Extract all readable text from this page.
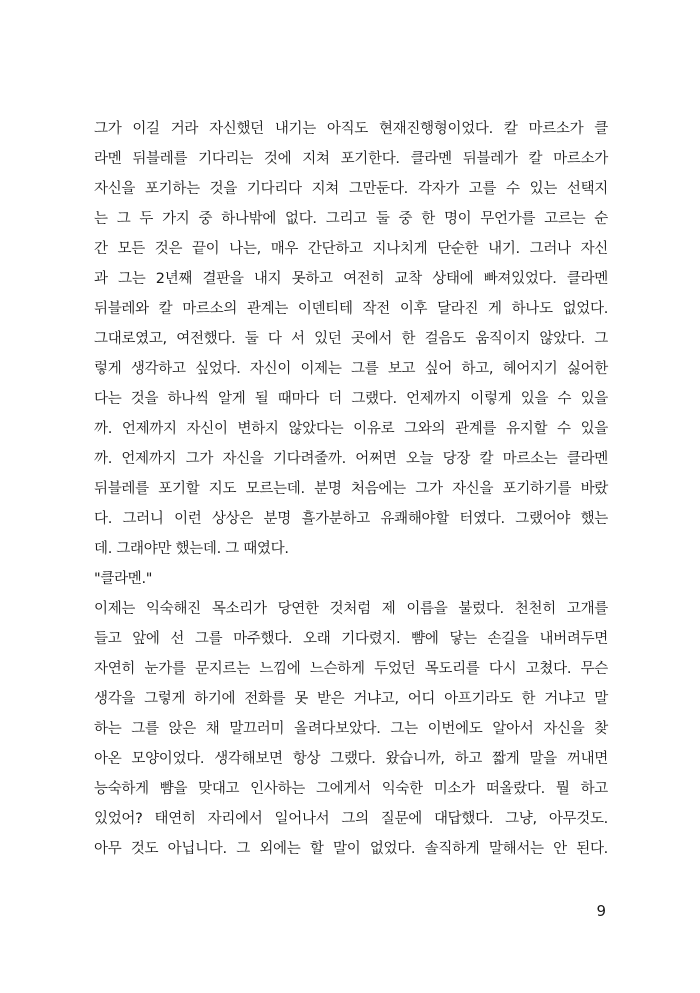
그가 이길 거라 자신했던 내기는 아직도 현재진행형이었다. 칼 마르소가 클
라멘 뒤블레를 기다리는 것에 지쳐 포기한다. 클라멘 뒤블레가 칼 마르소가
자신을 포기하는 것을 기다리다 지쳐 그만둔다. 각자가 고를 수 있는 선택지
는 그 두 가지 중 하나밖에 없다. 그리고 둘 중 한 명이 무언가를 고르는 순
간 모든 것은 끝이 나는, 매우 간단하고 지나치게 단순한 내기. 그러나 자신
과 그는 2년째 결판을 내지 못하고 여전히 교착 상태에 빠져있었다. 클라멘
뒤블레와 칼 마르소의 관계는 이덴티테 작전 이후 달라진 게 하나도 없었다.
그대로였고, 여전했다. 둘 다 서 있던 곳에서 한 걸음도 움직이지 않았다. 그
렇게 생각하고 싶었다. 자신이 이제는 그를 보고 싶어 하고, 헤어지기 싫어한
다는 것을 하나씩 알게 될 때마다 더 그랬다. 언제까지 이렇게 있을 수 있을
까. 언제까지 자신이 변하지 않았다는 이유로 그와의 관계를 유지할 수 있을
까. 언제까지 그가 자신을 기다려줄까. 어쩌면 오늘 당장 칼 마르소는 클라멘
뒤블레를 포기할 지도 모르는데. 분명 처음에는 그가 자신을 포기하기를 바랐
다. 그러니 이런 상상은 분명 흘가분하고 유쾌해야할 터였다. 그랬어야 했는
데. 그래야만 했는데. 그 때였다.
"클라멘."
이제는 익숙해진 목소리가 당연한 것처럼 제 이름을 불렀다. 천천히 고개를
들고 앞에 선 그를 마주했다. 오래 기다렸지. 뺨에 닿는 손길을 내버려두면
자연히 눈가를 문지르는 느낌에 느슨하게 두었던 목도리를 다시 고쳤다. 무슨
생각을 그렇게 하기에 전화를 못 받은 거냐고, 어디 아프기라도 한 거냐고 말
하는 그를 앉은 채 말끄러미 올려다보았다. 그는 이번에도 알아서 자신을 찾
아온 모양이었다. 생각해보면 항상 그랬다. 왔습니까, 하고 짧게 말을 꺼내면
능숙하게 뺨을 맞대고 인사하는 그에게서 익숙한 미소가 떠올랐다. 뭘 하고
있었어? 태연히 자리에서 일어나서 그의 질문에 대답했다. 그냥, 아무것도.
아무 것도 아닙니다. 그 외에는 할 말이 없었다. 솔직하게 말해서는 안 된다.
9
